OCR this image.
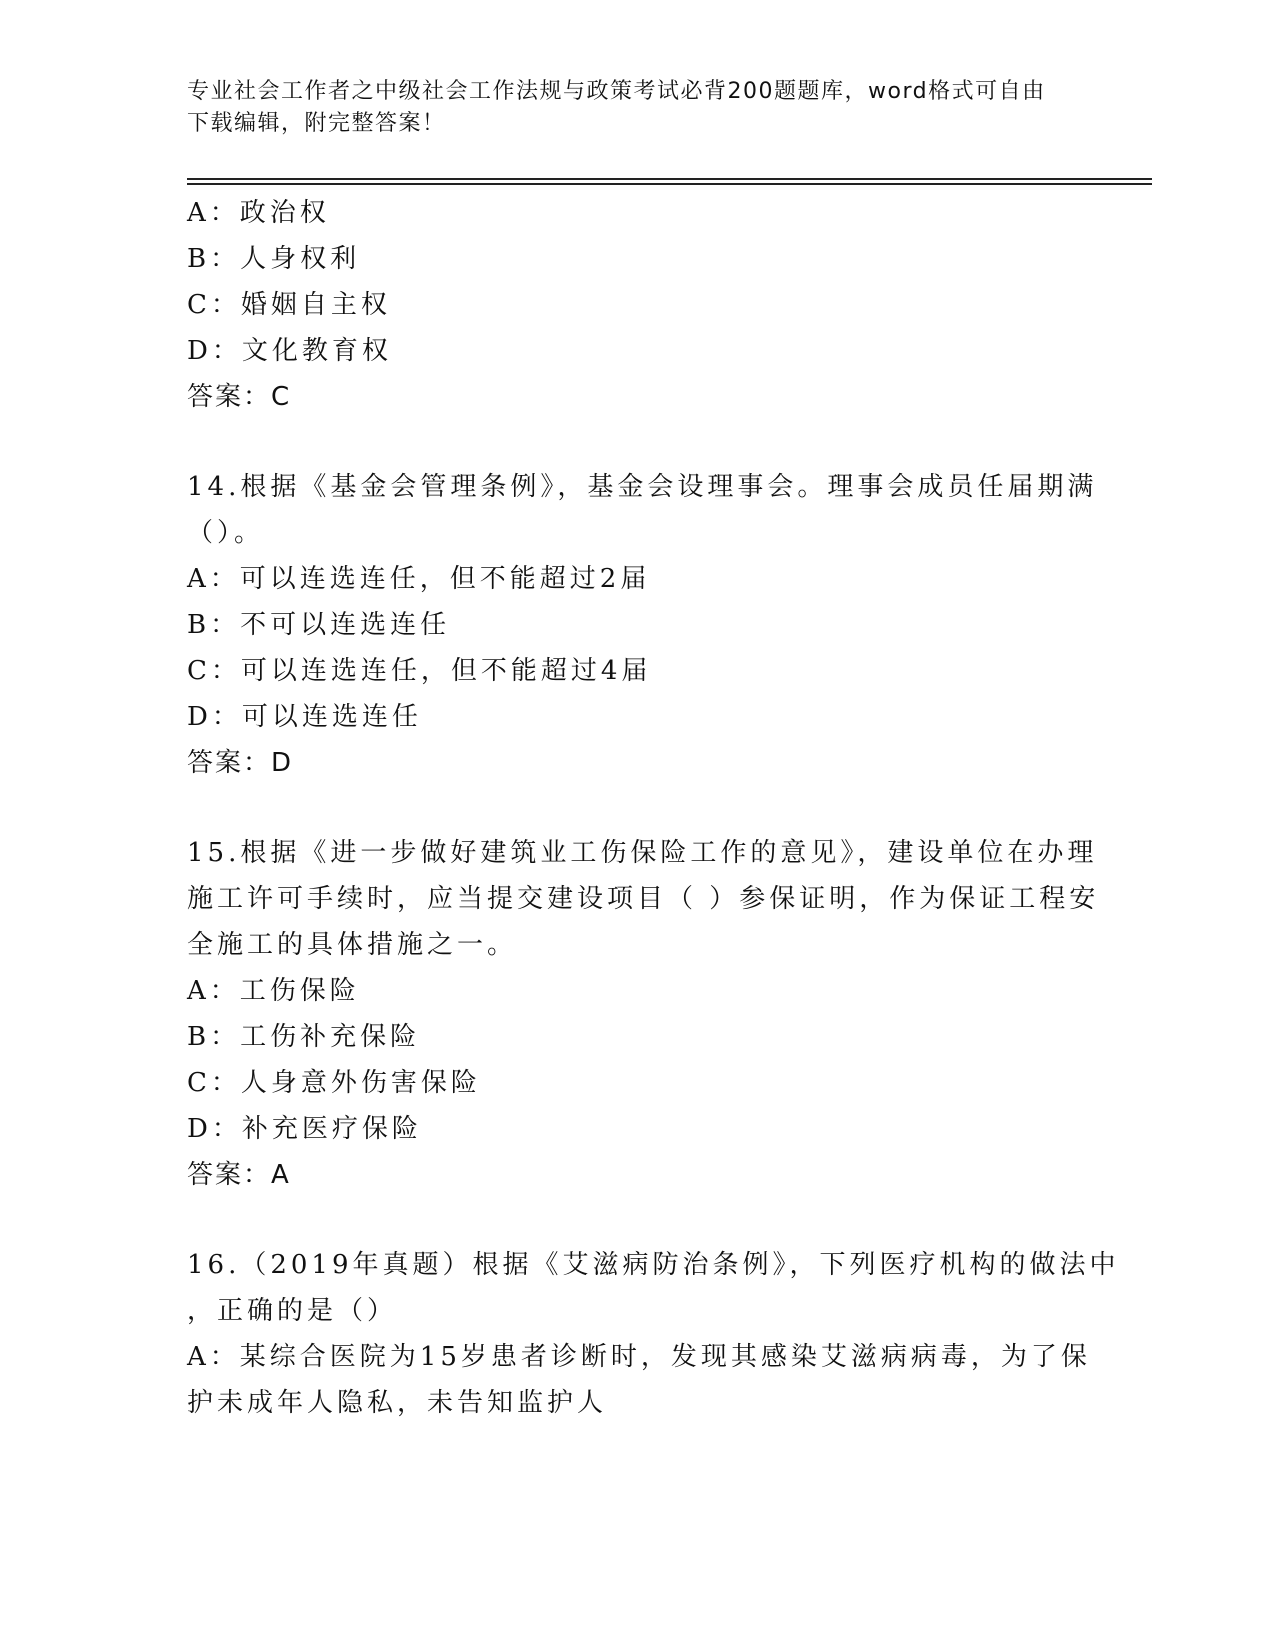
专业社会工作者之中级社会工作法规与政策考试必背200题题库，word格式可自由下载编辑，附完整答案！
A：政治权
B：人身权利
C：婚姻自主权
D：文化教育权
答案：C
14.根据《基金会管理条例》，基金会设理事会。理事会成员任届期满
（）。
A：可以连选连任，但不能超过2届
B：不可以连选连任
C：可以连选连任，但不能超过4届
D：可以连选连任
答案：D
15.根据《进一步做好建筑业工伤保险工作的意见》，建设单位在办理
施工许可手续时，应当提交建设项目（ ）参保证明，作为保证工程安
全施工的具体措施之一。
A：工伤保险
B：工伤补充保险
C：人身意外伤害保险
D：补充医疗保险
答案：A
16.（2019年真题）根据《艾滋病防治条例》，下列医疗机构的做法中
，正确的是（）
A：某综合医院为15岁患者诊断时，发现其感染艾滋病病毒，为了保
护未成年人隐私，未告知监护人
